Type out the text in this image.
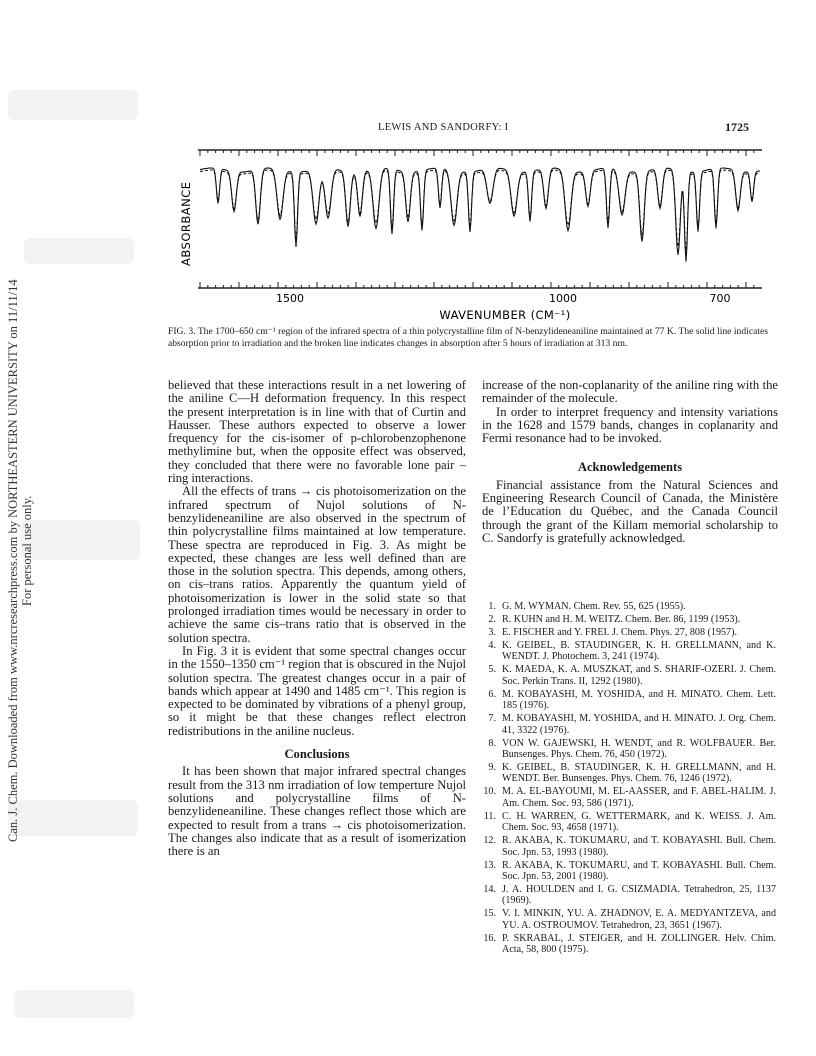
Can. J. Chem. Downloaded from www.nrcresearchpress.com by NORTHEASTERN UNIVERSITY on 11/11/14 For personal use only.
LEWIS AND SANDORFY: I	1725
ABSORBANCE
1500	1000	700
WAVENUMBER (CM⁻¹)
FIG. 3. The 1700–650 cm⁻¹ region of the infrared spectra of a thin polycrystalline film of N-benzylideneaniline maintained at 77 K. The solid line indicates absorption prior to irradiation and the broken line indicates changes in absorption after 5 hours of irradiation at 313 nm.

believed that these interactions result in a net lowering of the aniline C—H deformation frequency. In this respect the present interpretation is in line with that of Curtin and Hausser. These authors expected to observe a lower frequency for the cis-isomer of p-chlorobenzophenone methylimine but, when the opposite effect was observed, they concluded that there were no favorable lone pair – ring interactions.

All the effects of trans → cis photoisomerization on the infrared spectrum of Nujol solutions of N-benzylideneaniline are also observed in the spectrum of thin polycrystalline films maintained at low temperature. These spectra are reproduced in Fig. 3. As might be expected, these changes are less well defined than are those in the solution spectra. This depends, among others, on cis–trans ratios. Apparently the quantum yield of photoisomerization is lower in the solid state so that prolonged irradiation times would be necessary in order to achieve the same cis–trans ratio that is observed in the solution spectra.

In Fig. 3 it is evident that some spectral changes occur in the 1550–1350 cm⁻¹ region that is obscured in the Nujol solution spectra. The greatest changes occur in a pair of bands which appear at 1490 and 1485 cm⁻¹. This region is expected to be dominated by vibrations of a phenyl group, so it might be that these changes reflect electron redistributions in the aniline nucleus.

Conclusions

It has been shown that major infrared spectral changes result from the 313 nm irradiation of low temperture Nujol solutions and polycrystalline films of N-benzylideneaniline. These changes reflect those which are expected to result from a trans → cis photoisomerization. The changes also indicate that as a result of isomerization there is an

increase of the non-coplanarity of the aniline ring with the remainder of the molecule.

In order to interpret frequency and intensity variations in the 1628 and 1579 bands, changes in coplanarity and Fermi resonance had to be invoked.

Acknowledgements

Financial assistance from the Natural Sciences and Engineering Research Council of Canada, the Ministère de l’Education du Québec, and the Canada Council through the grant of the Killam memorial scholarship to C. Sandorfy is gratefully acknowledged.

1. G. M. WYMAN. Chem. Rev. 55, 625 (1955).
2. R. KUHN and H. M. WEITZ. Chem. Ber. 86, 1199 (1953).
3. E. FISCHER and Y. FREI. J. Chem. Phys. 27, 808 (1957).
4. K. GEIBEL, B. STAUDINGER, K. H. GRELLMANN, and K. WENDT. J. Photochem. 3, 241 (1974).
5. K. MAEDA, K. A. MUSZKAT, and S. SHARIF-OZERI. J. Chem. Soc. Perkin Trans. II, 1292 (1980).
6. M. KOBAYASHI, M. YOSHIDA, and H. MINATO. Chem. Lett. 185 (1976).
7. M. KOBAYASHI, M. YOSHIDA, and H. MINATO. J. Org. Chem. 41, 3322 (1976).
8. VON W. GAJEWSKI, H. WENDT, and R. WOLFBAUER. Ber. Bunsenges. Phys. Chem. 76, 450 (1972).
9. K. GEIBEL, B. STAUDINGER, K. H. GRELLMANN, and H. WENDT. Ber. Bunsenges. Phys. Chem. 76, 1246 (1972).
10. M. A. EL-BAYOUMI, M. EL-AASSER, and F. ABEL-HALIM. J. Am. Chem. Soc. 93, 586 (1971).
11. C. H. WARREN, G. WETTERMARK, and K. WEISS. J. Am. Chem. Soc. 93, 4658 (1971).
12. R. AKABA, K. TOKUMARU, and T. KOBAYASHI. Bull. Chem. Soc. Jpn. 53, 1993 (1980).
13. R. AKABA, K. TOKUMARU, and T. KOBAYASHI. Bull. Chem. Soc. Jpn. 53, 2001 (1980).
14. J. A. HOULDEN and I. G. CSIZMADIA. Tetrahedron, 25, 1137 (1969).
15. V. I. MINKIN, YU. A. ZHADNOV, E. A. MEDYANTZEVA, and YU. A. OSTROUMOV. Tetrahedron, 23, 3651 (1967).
16. P. SKRABAL, J. STEIGER, and H. ZOLLINGER. Helv. Chim. Acta, 58, 800 (1975).
